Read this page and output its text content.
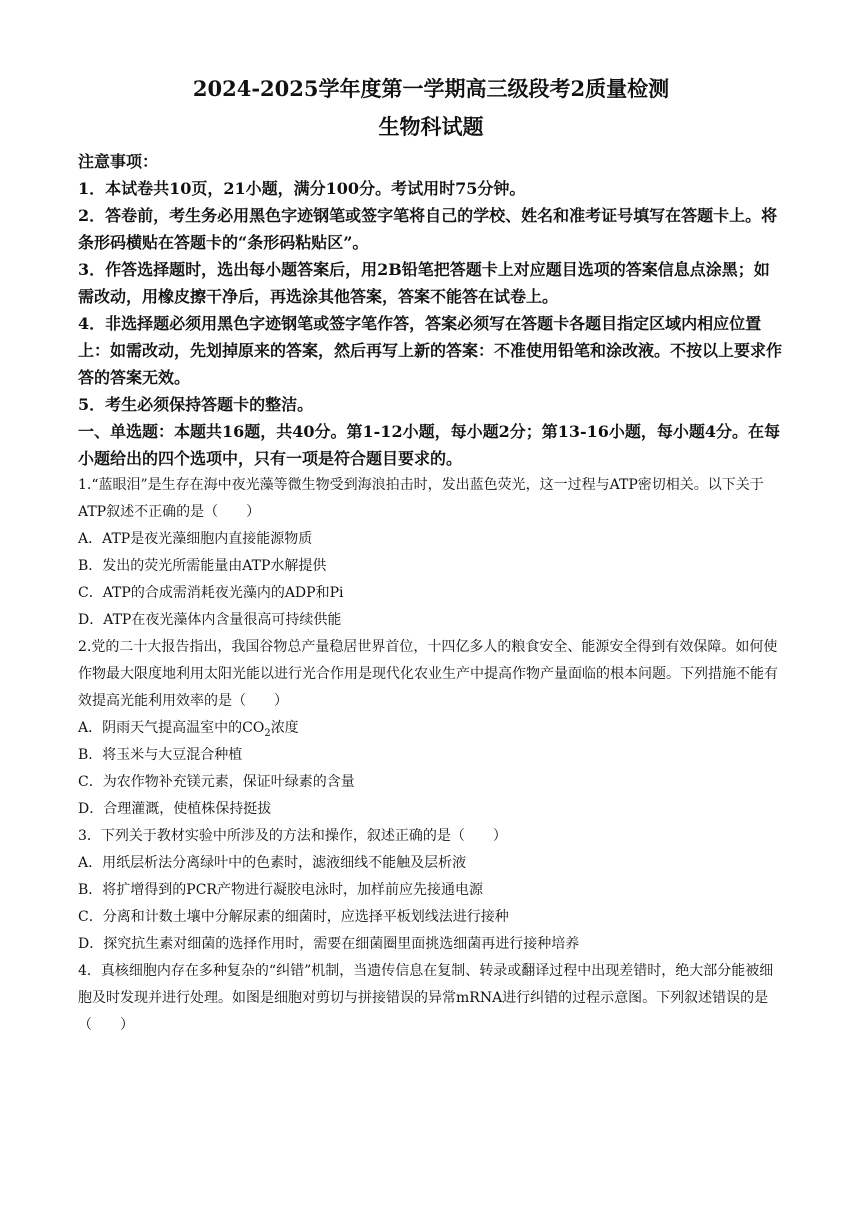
2024-2025学年度第一学期高三级段考2质量检测
生物科试题
注意事项：

1．本试卷共10页，21小题，满分100分。考试用时75分钟。

2．答卷前，考生务必用黑色字迹钢笔或签字笔将自己的学校、姓名和准考证号填写在答题卡上。将条形码横贴在答题卡的“条形码粘贴区”。

3．作答选择题时，选出每小题答案后，用2B铅笔把答题卡上对应题目选项的答案信息点涂黑；如需改动，用橡皮擦干净后，再选涂其他答案，答案不能答在试卷上。

4．非选择题必须用黑色字迹钢笔或签字笔作答，答案必须写在答题卡各题目指定区域内相应位置上：如需改动，先划掉原来的答案，然后再写上新的答案：不准使用铅笔和涂改液。不按以上要求作答的答案无效。

5．考生必须保持答题卡的整洁。

一、单选题：本题共16题，共40分。第1-12小题，每小题2分；第13-16小题，每小题4分。在每小题给出的四个选项中，只有一项是符合题目要求的。

1.“蓝眼泪”是生存在海中夜光藻等微生物受到海浪拍击时，发出蓝色荧光，这一过程与ATP密切相关。以下关于ATP叙述不正确的是（　　）

A．ATP是夜光藻细胞内直接能源物质

B．发出的荧光所需能量由ATP水解提供

C．ATP的合成需消耗夜光藻内的ADP和Pi

D．ATP在夜光藻体内含量很高可持续供能

2.党的二十大报告指出，我国谷物总产量稳居世界首位，十四亿多人的粮食安全、能源安全得到有效保障。如何使作物最大限度地利用太阳光能以进行光合作用是现代化农业生产中提高作物产量面临的根本问题。下列措施不能有效提高光能利用效率的是（　　）

A．阴雨天气提高温室中的$CO_2$浓度

B．将玉米与大豆混合种植

C．为农作物补充镁元素，保证叶绿素的含量

D．合理灌溉，使植株保持挺拔

3．下列关于教材实验中所涉及的方法和操作，叙述正确的是（　　）

A．用纸层析法分离绿叶中的色素时，滤液细线不能触及层析液

B．将扩增得到的PCR产物进行凝胶电泳时，加样前应先接通电源

C．分离和计数土壤中分解尿素的细菌时，应选择平板划线法进行接种

D．探究抗生素对细菌的选择作用时，需要在细菌圈里面挑选细菌再进行接种培养

4．真核细胞内存在多种复杂的“纠错”机制，当遗传信息在复制、转录或翻译过程中出现差错时，绝大部分能被细胞及时发现并进行处理。如图是细胞对剪切与拼接错误的异常mRNA进行纠错的过程示意图。下列叙述错误的是（　　）
